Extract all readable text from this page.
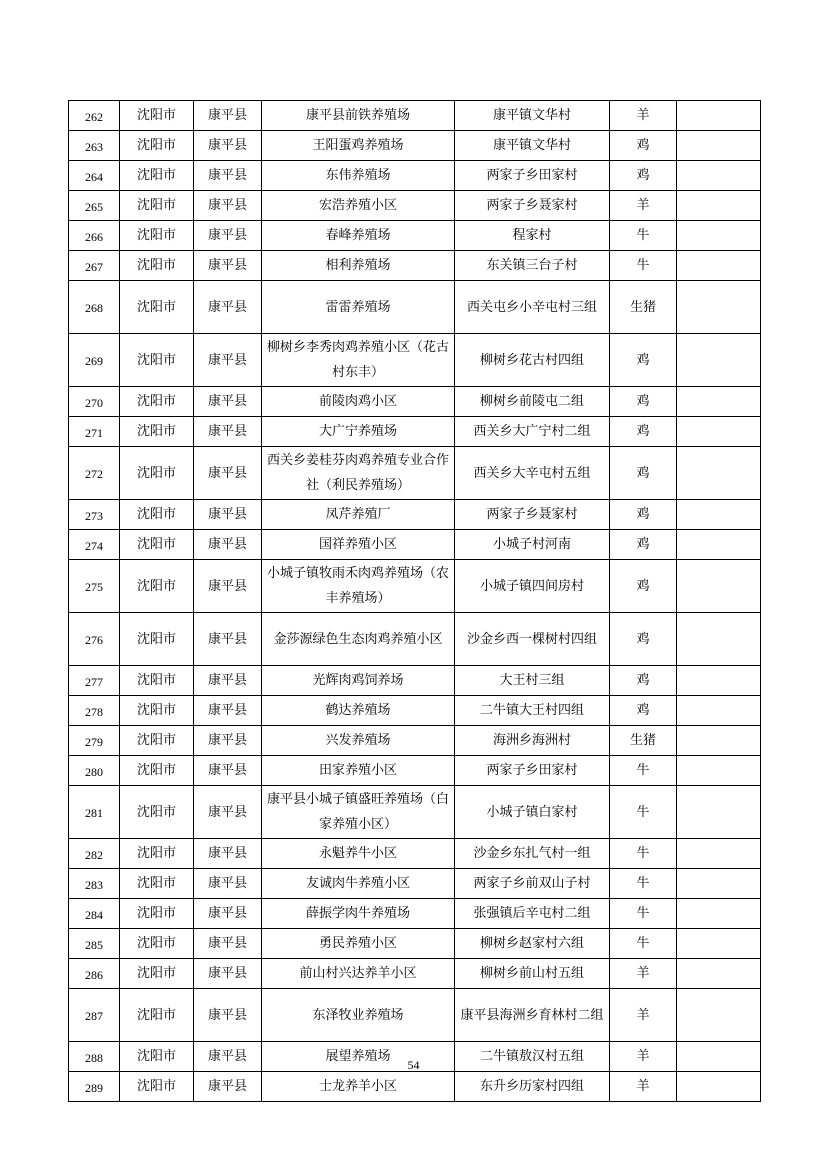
262	沈阳市	康平县	康平县前铁养殖场	康平镇文华村	羊	
263	沈阳市	康平县	王阳蛋鸡养殖场	康平镇文华村	鸡	
264	沈阳市	康平县	东伟养殖场	两家子乡田家村	鸡	
265	沈阳市	康平县	宏浩养殖小区	两家子乡聂家村	羊	
266	沈阳市	康平县	春峰养殖场	程家村	牛	
267	沈阳市	康平县	相利养殖场	东关镇三台子村	牛	
268	沈阳市	康平县	雷雷养殖场	西关屯乡小辛屯村三组	生猪	
269	沈阳市	康平县	柳树乡李秀肉鸡养殖小区（花古村东丰）	柳树乡花古村四组	鸡	
270	沈阳市	康平县	前陵肉鸡小区	柳树乡前陵屯二组	鸡	
271	沈阳市	康平县	大广宁养殖场	西关乡大广宁村二组	鸡	
272	沈阳市	康平县	西关乡姜桂芬肉鸡养殖专业合作社（利民养殖场）	西关乡大辛屯村五组	鸡	
273	沈阳市	康平县	凤芹养殖厂	两家子乡聂家村	鸡	
274	沈阳市	康平县	国祥养殖小区	小城子村河南	鸡	
275	沈阳市	康平县	小城子镇牧雨禾肉鸡养殖场（农丰养殖场）	小城子镇四间房村	鸡	
276	沈阳市	康平县	金莎源绿色生态肉鸡养殖小区	沙金乡西一棵树村四组	鸡	
277	沈阳市	康平县	光辉肉鸡饲养场	大王村三组	鸡	
278	沈阳市	康平县	鹤达养殖场	二牛镇大王村四组	鸡	
279	沈阳市	康平县	兴发养殖场	海洲乡海洲村	生猪	
280	沈阳市	康平县	田家养殖小区	两家子乡田家村	牛	
281	沈阳市	康平县	康平县小城子镇盛旺养殖场（白家养殖小区）	小城子镇白家村	牛	
282	沈阳市	康平县	永魁养牛小区	沙金乡东扎气村一组	牛	
283	沈阳市	康平县	友诚肉牛养殖小区	两家子乡前双山子村	牛	
284	沈阳市	康平县	薛振学肉牛养殖场	张强镇后辛屯村二组	牛	
285	沈阳市	康平县	勇民养殖小区	柳树乡赵家村六组	牛	
286	沈阳市	康平县	前山村兴达养羊小区	柳树乡前山村五组	羊	
287	沈阳市	康平县	东泽牧业养殖场	康平县海洲乡育林村二组	羊	
288	沈阳市	康平县	展望养殖场	二牛镇敖汉村五组	羊	
289	沈阳市	康平县	士龙养羊小区	东升乡历家村四组	羊	
54
